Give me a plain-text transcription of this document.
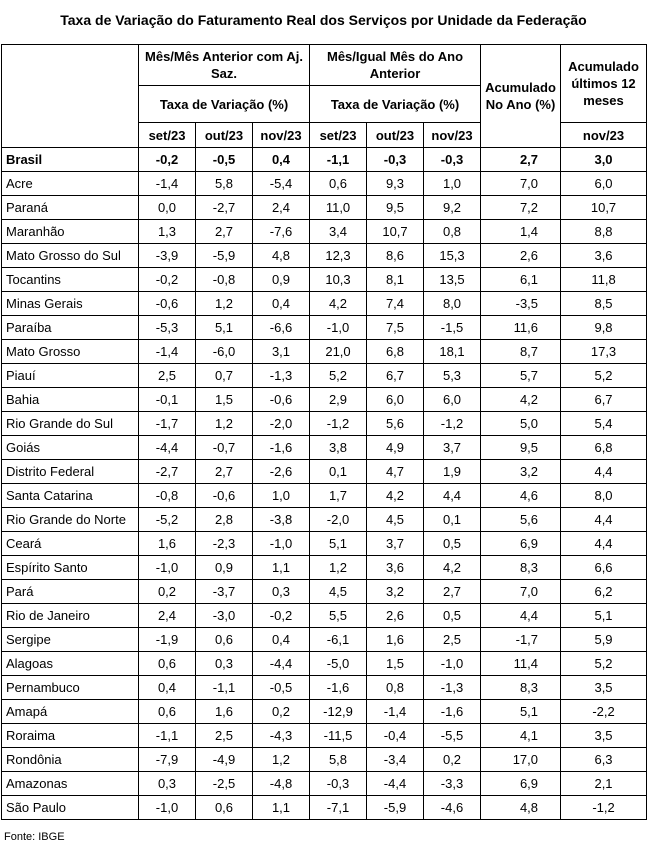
Taxa de Variação do Faturamento Real dos Serviços por Unidade da Federação
	Mês/Mês Anterior com Aj. Saz.			Mês/Igual Mês do Ano Anterior			Acumulado No Ano (%)	Acumulado últimos 12 meses
	Taxa de Variação (%)			Taxa de Variação (%)				
	set/23	out/23	nov/23	set/23	out/23	nov/23		nov/23
Brasil	-0,2	-0,5	0,4	-1,1	-0,3	-0,3	2,7	3,0
Acre	-1,4	5,8	-5,4	0,6	9,3	1,0	7,0	6,0
Paraná	0,0	-2,7	2,4	11,0	9,5	9,2	7,2	10,7
Maranhão	1,3	2,7	-7,6	3,4	10,7	0,8	1,4	8,8
Mato Grosso do Sul	-3,9	-5,9	4,8	12,3	8,6	15,3	2,6	3,6
Tocantins	-0,2	-0,8	0,9	10,3	8,1	13,5	6,1	11,8
Minas Gerais	-0,6	1,2	0,4	4,2	7,4	8,0	-3,5	8,5
Paraíba	-5,3	5,1	-6,6	-1,0	7,5	-1,5	11,6	9,8
Mato Grosso	-1,4	-6,0	3,1	21,0	6,8	18,1	8,7	17,3
Piauí	2,5	0,7	-1,3	5,2	6,7	5,3	5,7	5,2
Bahia	-0,1	1,5	-0,6	2,9	6,0	6,0	4,2	6,7
Rio Grande do Sul	-1,7	1,2	-2,0	-1,2	5,6	-1,2	5,0	5,4
Goiás	-4,4	-0,7	-1,6	3,8	4,9	3,7	9,5	6,8
Distrito Federal	-2,7	2,7	-2,6	0,1	4,7	1,9	3,2	4,4
Santa Catarina	-0,8	-0,6	1,0	1,7	4,2	4,4	4,6	8,0
Rio Grande do Norte	-5,2	2,8	-3,8	-2,0	4,5	0,1	5,6	4,4
Ceará	1,6	-2,3	-1,0	5,1	3,7	0,5	6,9	4,4
Espírito Santo	-1,0	0,9	1,1	1,2	3,6	4,2	8,3	6,6
Pará	0,2	-3,7	0,3	4,5	3,2	2,7	7,0	6,2
Rio de Janeiro	2,4	-3,0	-0,2	5,5	2,6	0,5	4,4	5,1
Sergipe	-1,9	0,6	0,4	-6,1	1,6	2,5	-1,7	5,9
Alagoas	0,6	0,3	-4,4	-5,0	1,5	-1,0	11,4	5,2
Pernambuco	0,4	-1,1	-0,5	-1,6	0,8	-1,3	8,3	3,5
Amapá	0,6	1,6	0,2	-12,9	-1,4	-1,6	5,1	-2,2
Roraima	-1,1	2,5	-4,3	-11,5	-0,4	-5,5	4,1	3,5
Rondônia	-7,9	-4,9	1,2	5,8	-3,4	0,2	17,0	6,3
Amazonas	0,3	-2,5	-4,8	-0,3	-4,4	-3,3	6,9	2,1
São Paulo	-1,0	0,6	1,1	-7,1	-5,9	-4,6	4,8	-1,2
Fonte: IBGE
